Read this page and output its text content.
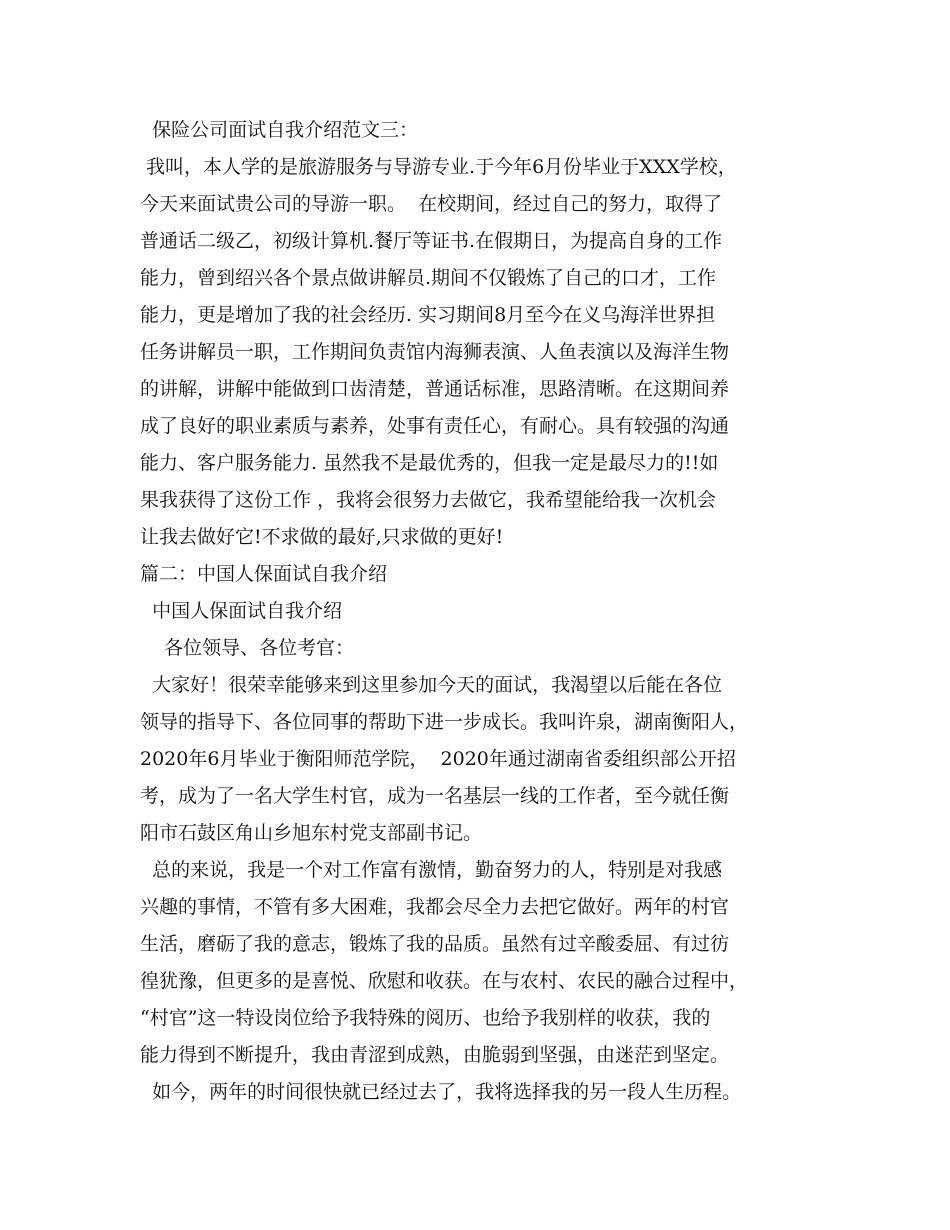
保险公司面试自我介绍范文三：
我叫，本人学的是旅游服务与导游专业.于今年6月份毕业于XXX学校，
今天来面试贵公司的导游一职。  在校期间，经过自己的努力，取得了
普通话二级乙，初级计算机.餐厅等证书.在假期日，为提高自身的工作
能力，曾到绍兴各个景点做讲解员.期间不仅锻炼了自己的口才，工作
能力，更是增加了我的社会经历. 实习期间8月至今在义乌海洋世界担
任务讲解员一职，工作期间负责馆内海狮表演、人鱼表演以及海洋生物
的讲解，讲解中能做到口齿清楚，普通话标准，思路清晰。在这期间养
成了良好的职业素质与素养，处事有责任心，有耐心。具有较强的沟通
能力、客户服务能力. 虽然我不是最优秀的，但我一定是最尽力的!!如
果我获得了这份工作 ，我将会很努力去做它，我希望能给我一次机会
让我去做好它!不求做的最好,只求做的更好!
篇二：中国人保面试自我介绍
中国人保面试自我介绍
各位领导、各位考官：
大家好！很荣幸能够来到这里参加今天的面试，我渴望以后能在各位
领导的指导下、各位同事的帮助下进一步成长。我叫许泉，湖南衡阳人，
2020年6月毕业于衡阳师范学院，  2020年通过湖南省委组织部公开招
考，成为了一名大学生村官，成为一名基层一线的工作者，至今就任衡
阳市石鼓区角山乡旭东村党支部副书记。
总的来说，我是一个对工作富有激情，勤奋努力的人，特别是对我感
兴趣的事情，不管有多大困难，我都会尽全力去把它做好。两年的村官
生活，磨砺了我的意志，锻炼了我的品质。虽然有过辛酸委屈、有过彷
徨犹豫，但更多的是喜悦、欣慰和收获。在与农村、农民的融合过程中，
“村官”这一特设岗位给予我特殊的阅历、也给予我别样的收获，我的
能力得到不断提升，我由青涩到成熟，由脆弱到坚强，由迷茫到坚定。
如今，两年的时间很快就已经过去了，我将选择我的另一段人生历程。
